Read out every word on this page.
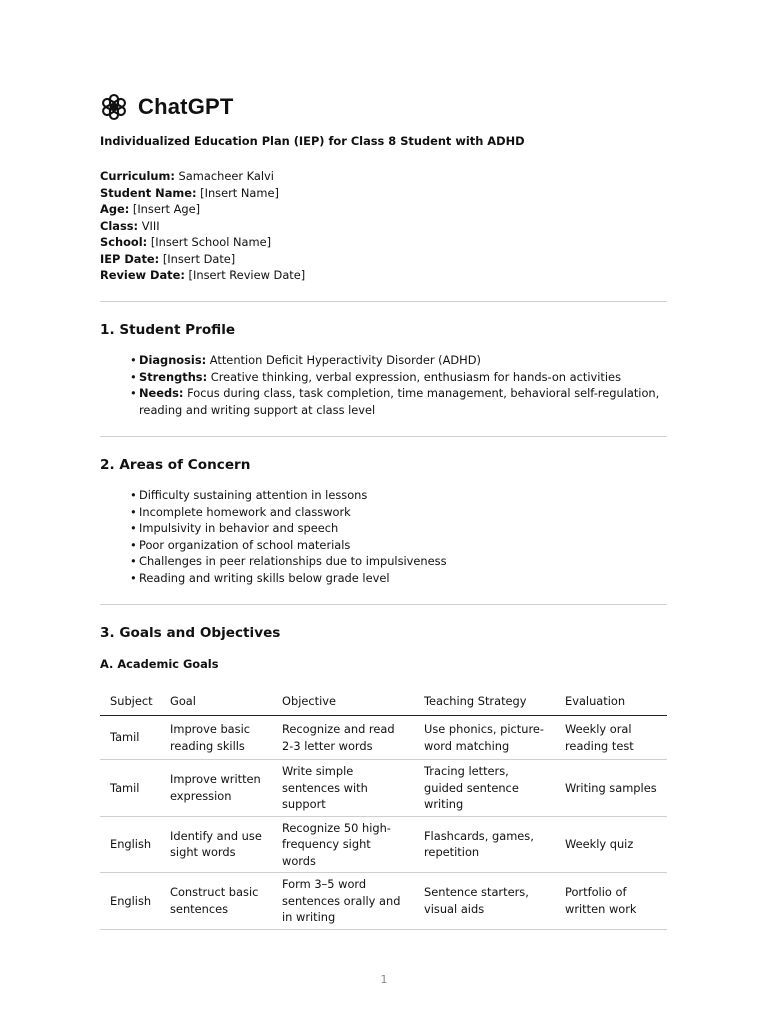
ChatGPT
Individualized Education Plan (IEP) for Class 8 Student with ADHD
Curriculum: Samacheer Kalvi
Student Name: [Insert Name]
Age: [Insert Age]
Class: VIII
School: [Insert School Name]
IEP Date: [Insert Date]
Review Date: [Insert Review Date]
1. Student Profile
• Diagnosis: Attention Deficit Hyperactivity Disorder (ADHD)
• Strengths: Creative thinking, verbal expression, enthusiasm for hands-on activities
• Needs: Focus during class, task completion, time management, behavioral self-regulation, reading and writing support at class level
2. Areas of Concern
• Difficulty sustaining attention in lessons
• Incomplete homework and classwork
• Impulsivity in behavior and speech
• Poor organization of school materials
• Challenges in peer relationships due to impulsiveness
• Reading and writing skills below grade level
3. Goals and Objectives
A. Academic Goals
Subject	Goal	Objective	Teaching Strategy	Evaluation
Tamil	Improve basic reading skills	Recognize and read 2-3 letter words	Use phonics, picture-word matching	Weekly oral reading test
Tamil	Improve written expression	Write simple sentences with support	Tracing letters, guided sentence writing	Writing samples
English	Identify and use sight words	Recognize 50 high-frequency sight words	Flashcards, games, repetition	Weekly quiz
English	Construct basic sentences	Form 3–5 word sentences orally and in writing	Sentence starters, visual aids	Portfolio of written work
1
